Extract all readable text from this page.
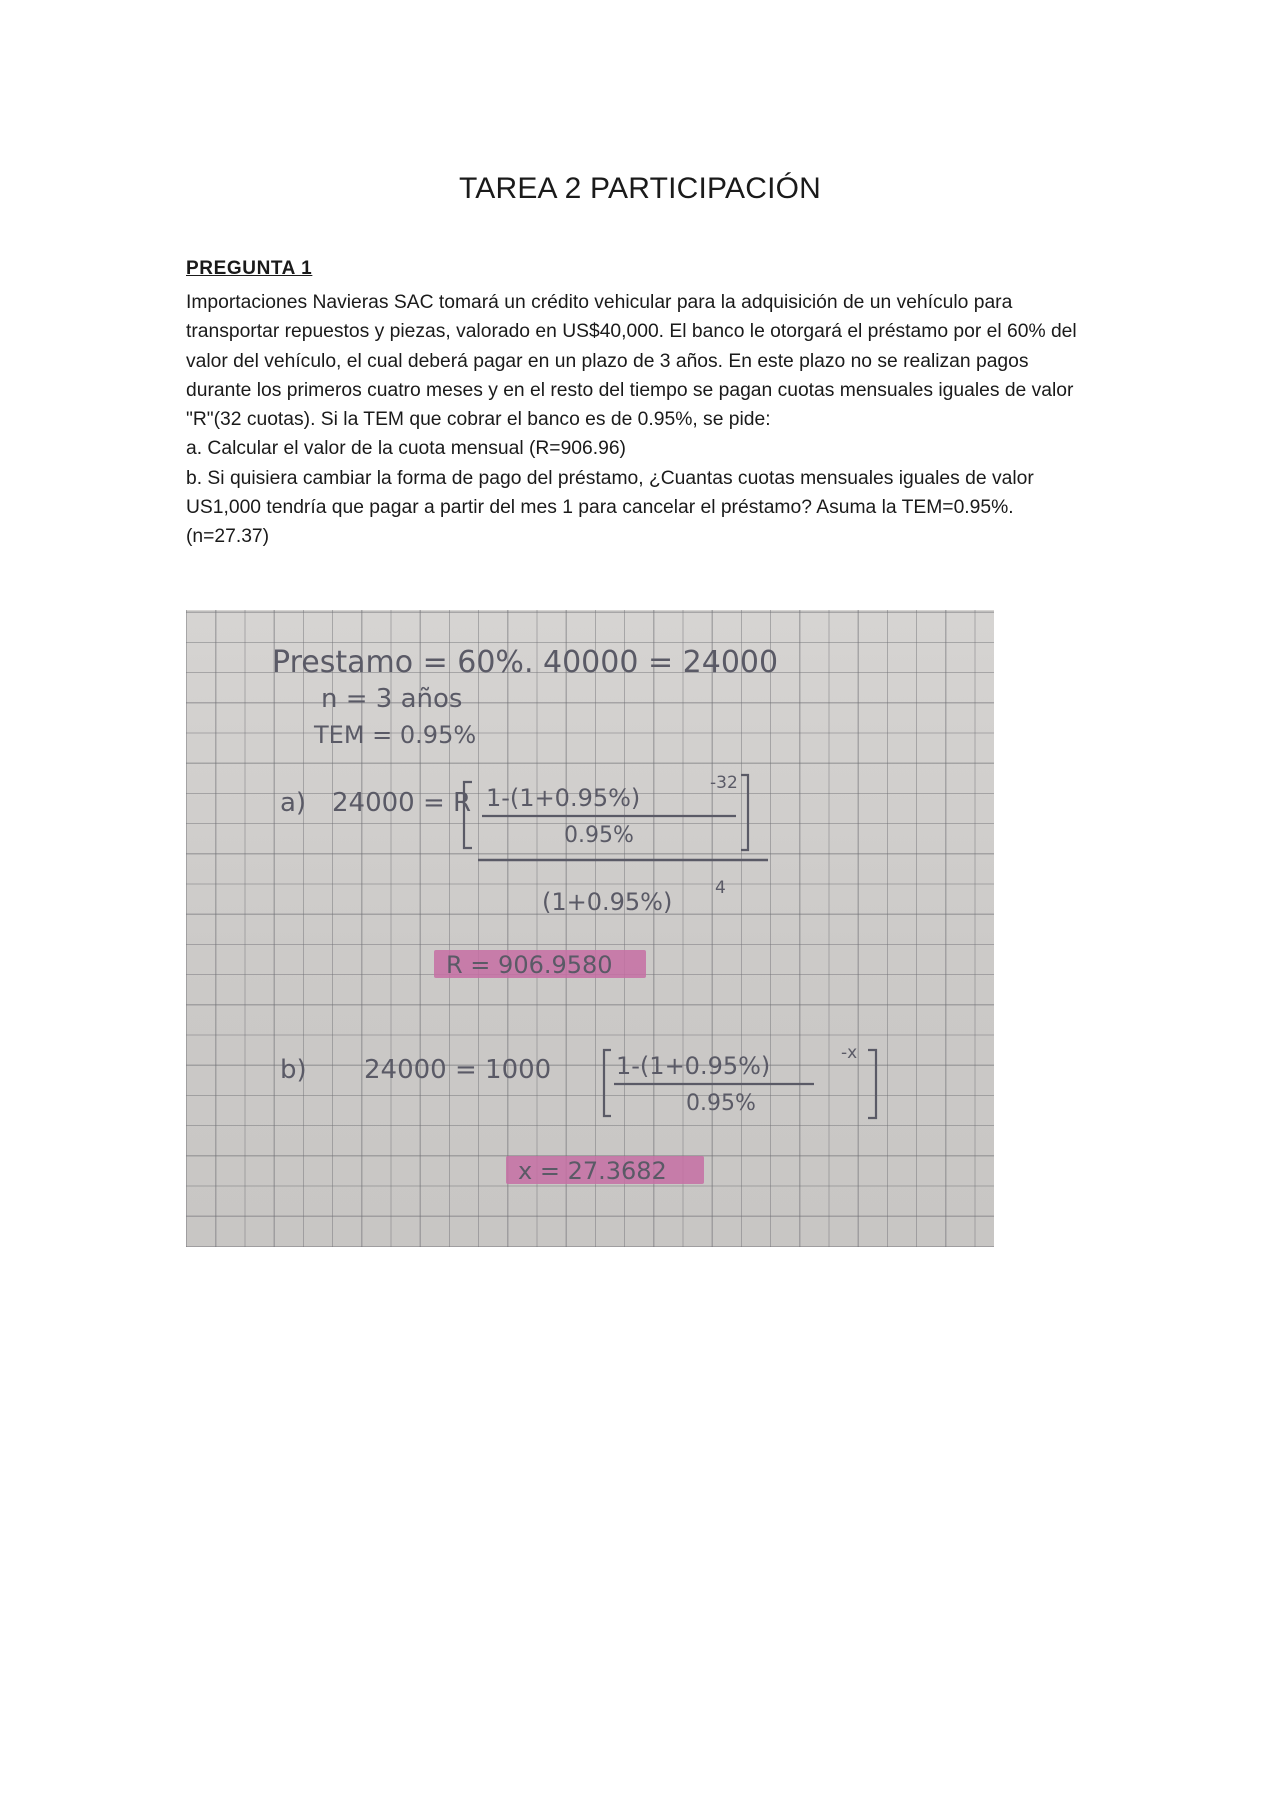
TAREA 2 PARTICIPACIÓN
PREGUNTA 1

Importaciones Navieras SAC tomará un crédito vehicular para la adquisición de un vehículo para transportar repuestos y piezas, valorado en US$40,000. El banco le otorgará el préstamo por el 60% del valor del vehículo, el cual deberá pagar en un plazo de 3 años. En este plazo no se realizan pagos durante los primeros cuatro meses y en el resto del tiempo se pagan cuotas mensuales iguales de valor "R"(32 cuotas). Si la TEM que cobrar el banco es de 0.95%, se pide:

a. Calcular el valor de la cuota mensual (R=906.96)

b. Si quisiera cambiar la forma de pago del préstamo, ¿Cuantas cuotas mensuales iguales de valor US1,000 tendría que pagar a partir del mes 1 para cancelar el préstamo? Asuma la TEM=0.95%. (n=27.37)

Prestamo = 60%. 40000 = 24000
n = 3 años
TEM = 0.95%
a) 24000 = R 1-(1+0.95%)
-32
0.95%
(1+0.95%)	4
R = 906.9580
b) 24000 = 1000	1-(1+0.95%)	-x
0.95%
x = 27.3682
